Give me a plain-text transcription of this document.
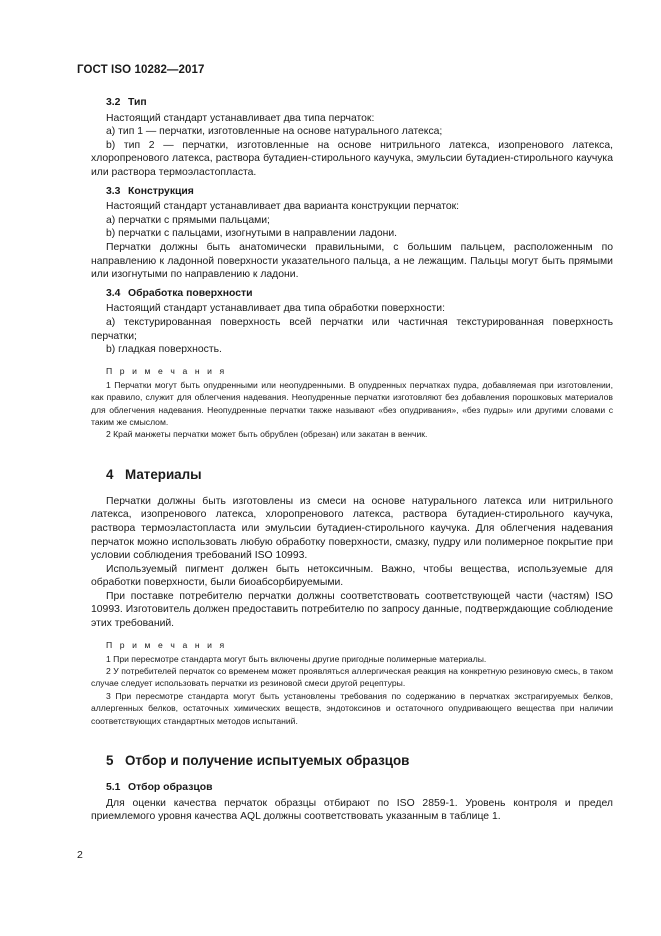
ГОСТ ISO 10282—2017
3.2 Тип

Настоящий стандарт устанавливает два типа перчаток:

a) тип 1 — перчатки, изготовленные на основе натурального латекса;

b) тип 2 — перчатки, изготовленные на основе нитрильного латекса, изопренового латекса, хлоропренового латекса, раствора бутадиен-стирольного каучука, эмульсии бутадиен-стирольного каучука или раствора термоэластопласта.

3.3 Конструкция

Настоящий стандарт устанавливает два варианта конструкции перчаток:

a) перчатки с прямыми пальцами;

b) перчатки с пальцами, изогнутыми в направлении ладони.

Перчатки должны быть анатомически правильными, с большим пальцем, расположенным по направлению к ладонной поверхности указательного пальца, а не лежащим. Пальцы могут быть прямыми или изогнутыми по направлению к ладони.

3.4 Обработка поверхности

Настоящий стандарт устанавливает два типа обработки поверхности:

a) текстурированная поверхность всей перчатки или частичная текстурированная поверхность перчатки;

b) гладкая поверхность.

П р и м е ч а н и я

1 Перчатки могут быть опудренными или неопудренными. В опудренных перчатках пудра, добавляемая при изготовлении, как правило, служит для облегчения надевания. Неопудренные перчатки изготовляют без добавления порошковых материалов для облегчения надевания. Неопудренные перчатки также называют «без опудривания», «без пудры» или другими словами с таким же смыслом.

2 Край манжеты перчатки может быть обрублен (обрезан) или закатан в венчик.

4 Материалы

Перчатки должны быть изготовлены из смеси на основе натурального латекса или нитрильного латекса, изопренового латекса, хлоропренового латекса, раствора бутадиен-стирольного каучука, раствора термоэластопласта или эмульсии бутадиен-стирольного каучука. Для облегчения надевания перчаток можно использовать любую обработку поверхности, смазку, пудру или полимерное покрытие при условии соблюдения требований ISO 10993.

Используемый пигмент должен быть нетоксичным. Важно, чтобы вещества, используемые для обработки поверхности, были биоабсорбируемыми.

При поставке потребителю перчатки должны соответствовать соответствующей части (частям) ISO 10993. Изготовитель должен предоставить потребителю по запросу данные, подтверждающие соблюдение этих требований.

П р и м е ч а н и я

1 При пересмотре стандарта могут быть включены другие пригодные полимерные материалы.

2 У потребителей перчаток со временем может проявляться аллергическая реакция на конкретную резиновую смесь, в таком случае следует использовать перчатки из резиновой смеси другой рецептуры.

3 При пересмотре стандарта могут быть установлены требования по содержанию в перчатках экстрагируемых белков, аллергенных белков, остаточных химических веществ, эндотоксинов и остаточного опудривающего вещества при наличии соответствующих стандартных методов испытаний.

5 Отбор и получение испытуемых образцов
5.1 Отбор образцов

Для оценки качества перчаток образцы отбирают по ISO 2859-1. Уровень контроля и предел приемлемого уровня качества AQL должны соответствовать указанным в таблице 1.

2
